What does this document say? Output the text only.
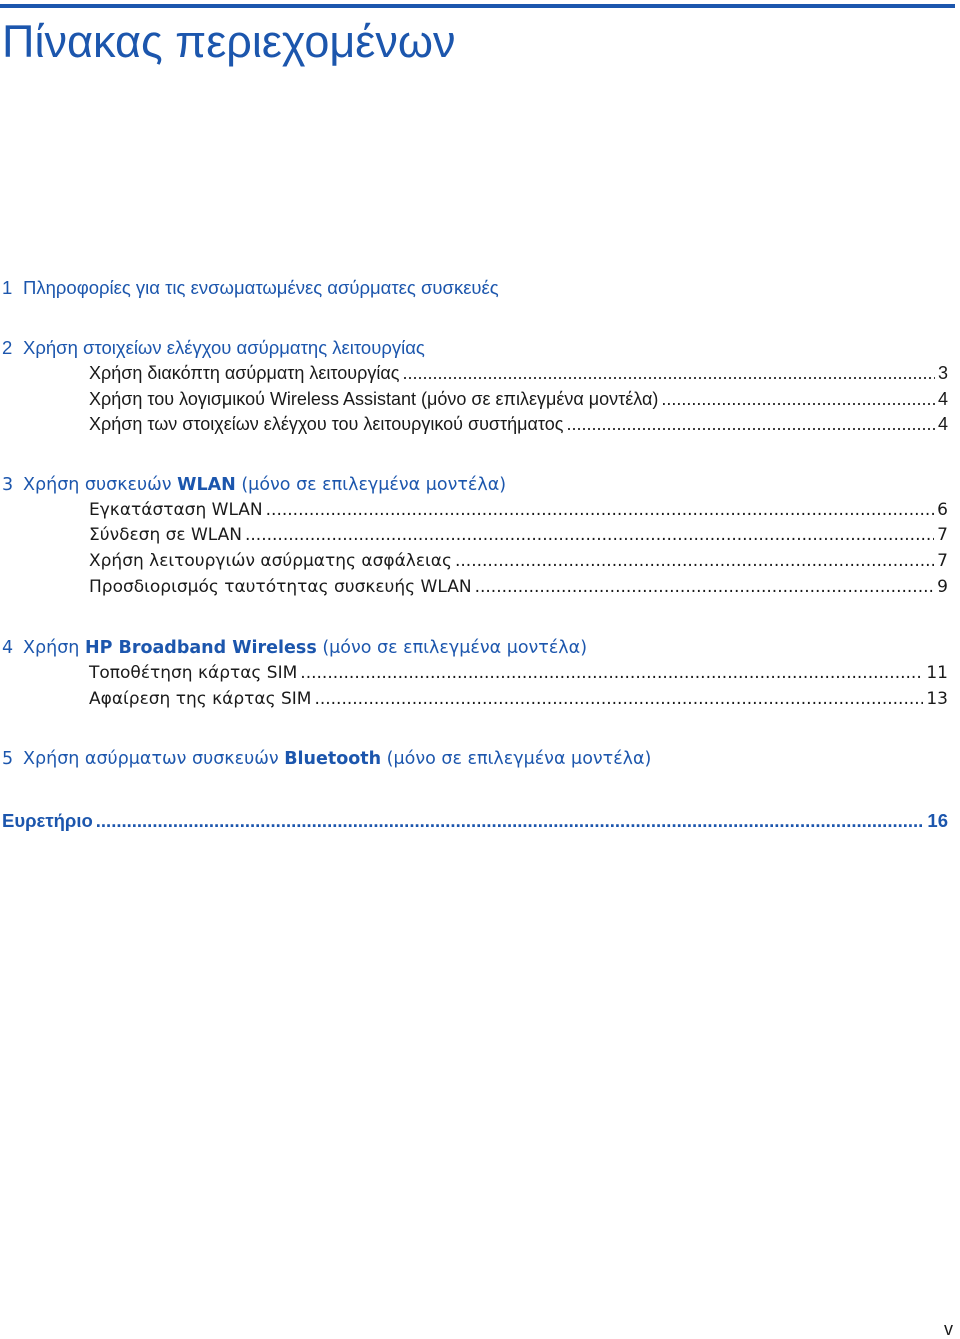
Πίνακας περιεχομένων
1 Πληροφορίες για τις ενσωματωμένες ασύρματες συσκευές
2 Χρήση στοιχείων ελέγχου ασύρματης λειτουργίας
Χρήση διακόπτη ασύρματη λειτουργίας .....	3
Χρήση του λογισμικού Wireless Assistant (μόνο σε επιλεγμένα μοντέλα) .....	4
Χρήση των στοιχείων ελέγχου του λειτουργικού συστήματος .....	4
3 Χρήση συσκευών WLAN (μόνο σε επιλεγμένα μοντέλα)
Εγκατάσταση WLAN .....	6
Σύνδεση σε WLAN .....	7
Χρήση λειτουργιών ασύρματης ασφάλειας .....	7
Προσδιορισμός ταυτότητας συσκευής WLAN .....	9
4 Χρήση HP Broadband Wireless (μόνο σε επιλεγμένα μοντέλα)
Τοποθέτηση κάρτας SIM .....	11
Αφαίρεση της κάρτας SIM .....	13
5 Χρήση ασύρματων συσκευών Bluetooth (μόνο σε επιλεγμένα μοντέλα)
Ευρετήριο .....	16
v
